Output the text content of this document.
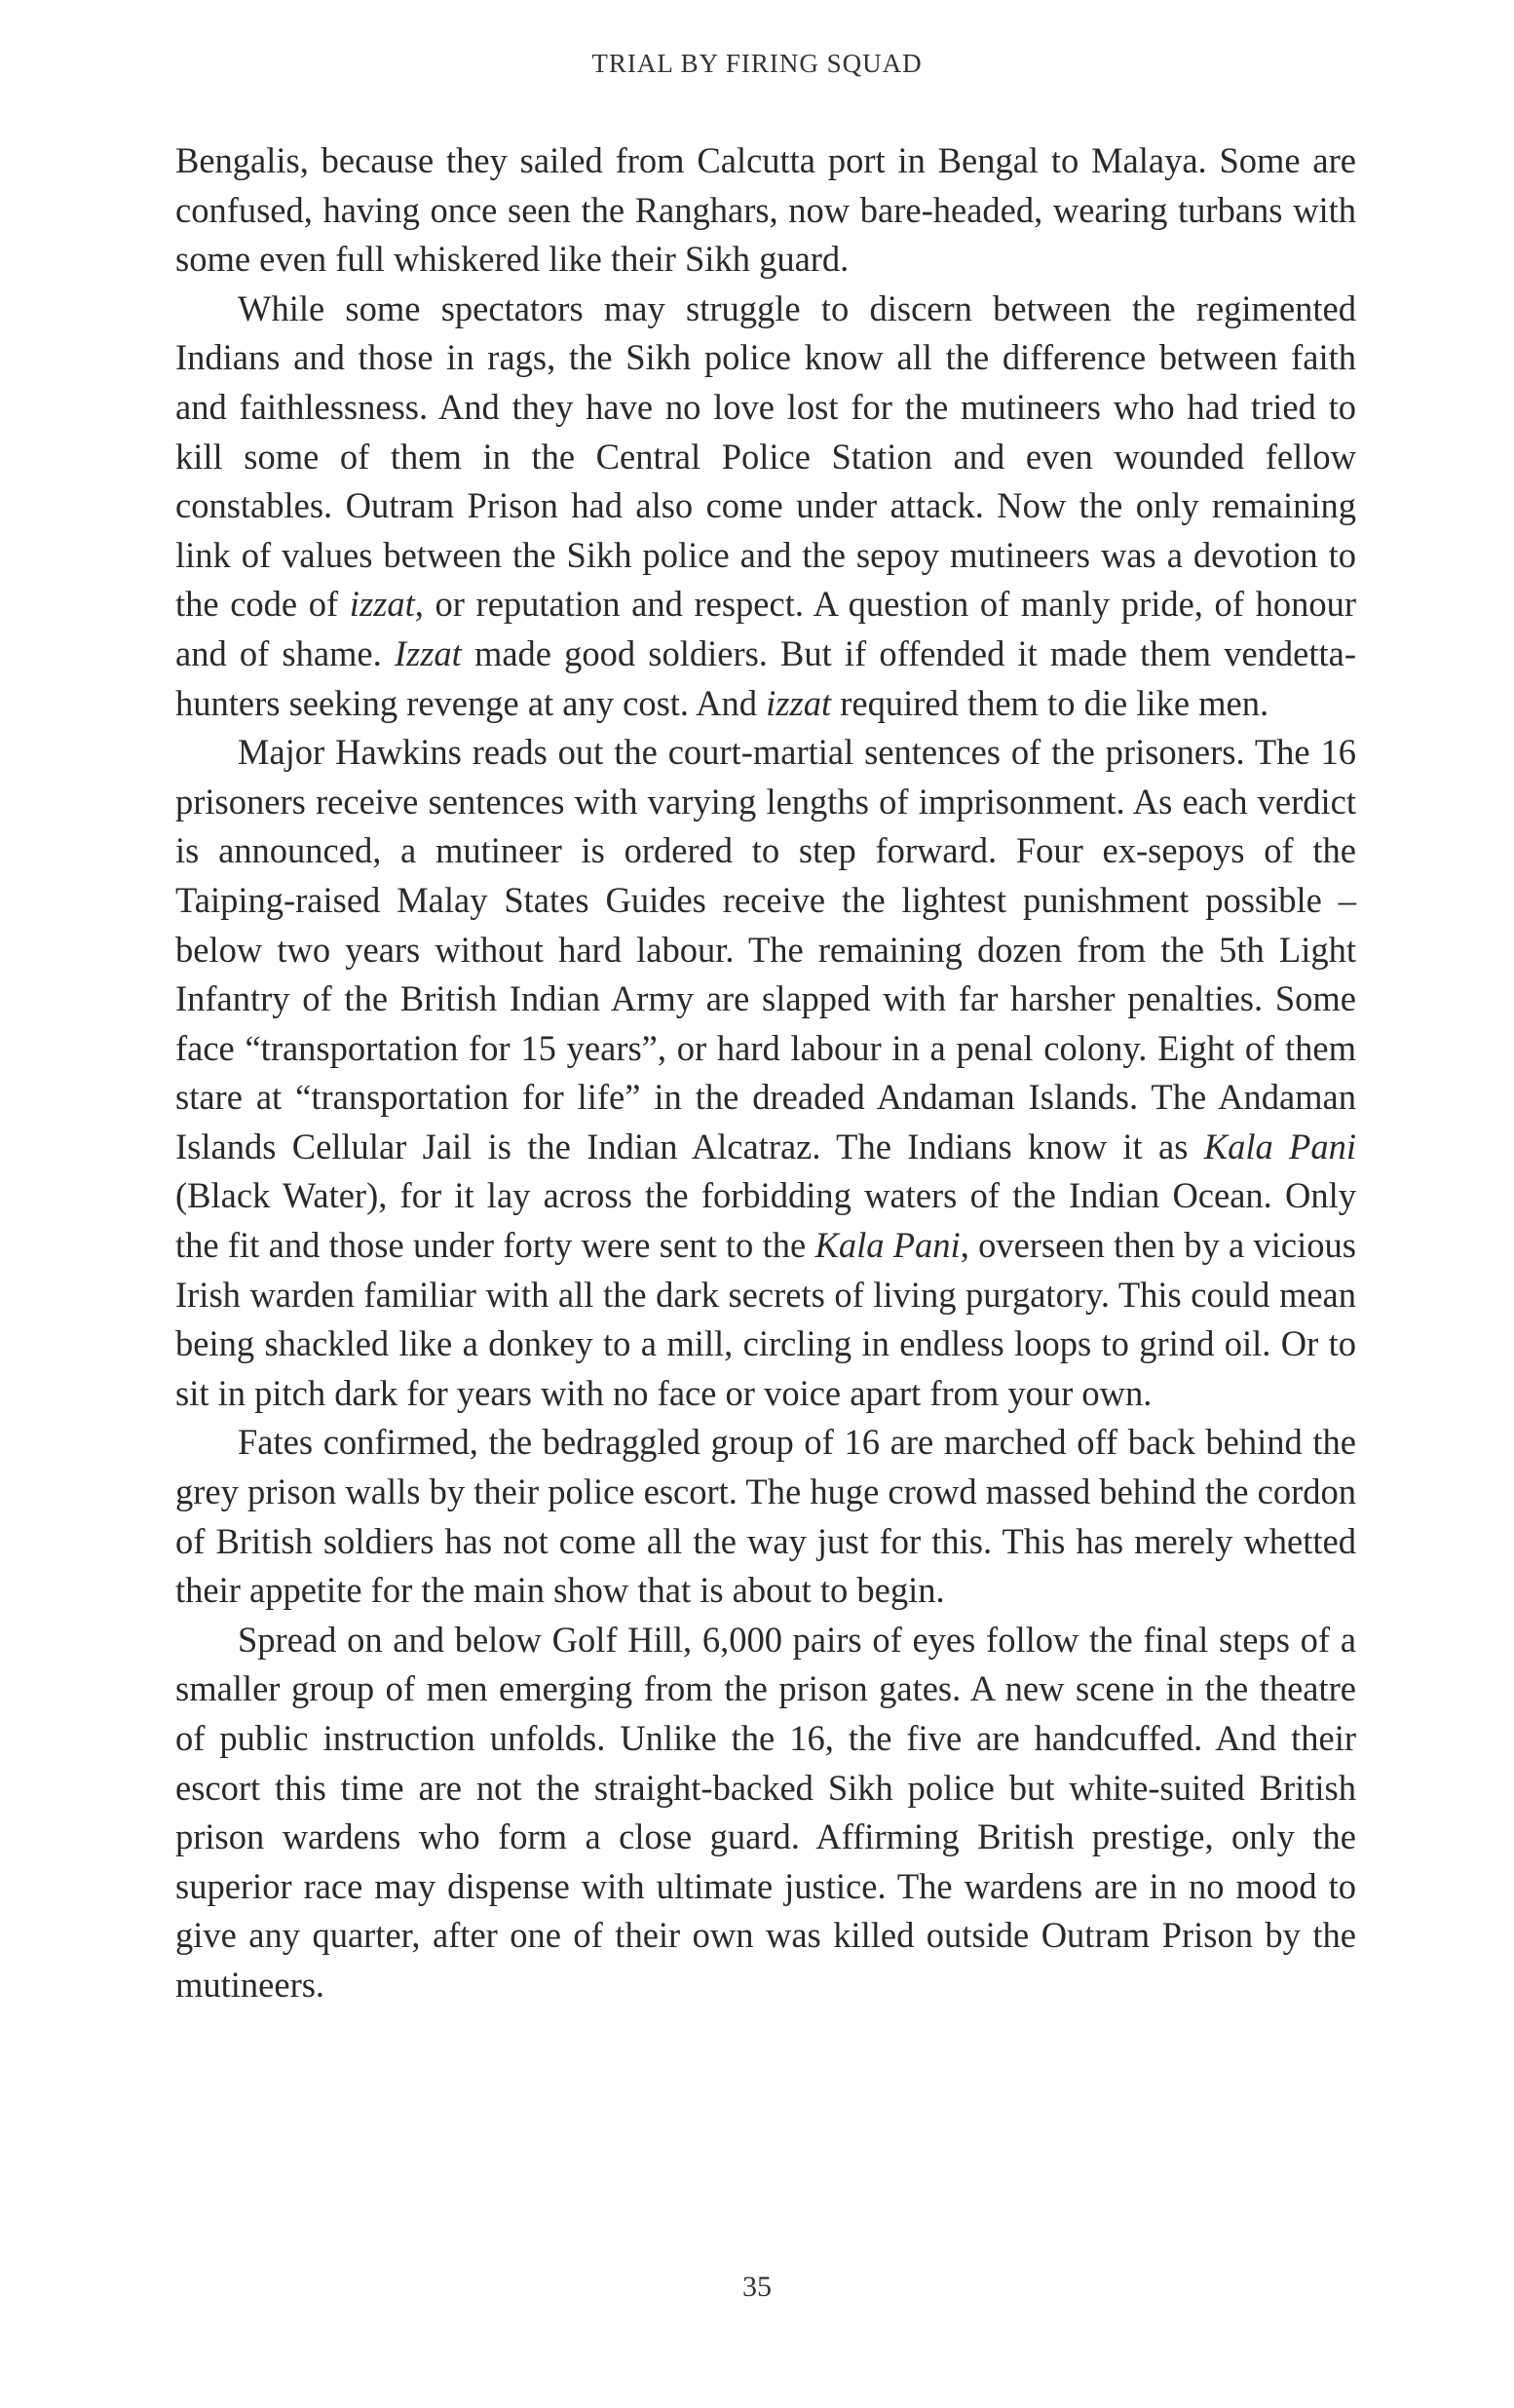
TRIAL BY FIRING SQUAD

Bengalis, because they sailed from Calcutta port in Bengal to Malaya. Some are confused, having once seen the Ranghars, now bare-headed, wearing turbans with some even full whiskered like their Sikh guard.

While some spectators may struggle to discern between the regimented Indians and those in rags, the Sikh police know all the difference between faith and faithlessness. And they have no love lost for the mutineers who had tried to kill some of them in the Central Police Station and even wounded fellow constables. Outram Prison had also come under attack. Now the only remaining link of values between the Sikh police and the sepoy mutineers was a devotion to the code of izzat, or reputation and respect. A question of manly pride, of honour and of shame. Izzat made good soldiers. But if offended it made them vendetta-hunters seeking revenge at any cost. And izzat required them to die like men.

Major Hawkins reads out the court-martial sentences of the prisoners. The 16 prisoners receive sentences with varying lengths of imprisonment. As each verdict is announced, a mutineer is ordered to step forward. Four ex-sepoys of the Taiping-raised Malay States Guides receive the lightest punishment possible – below two years without hard labour. The remaining dozen from the 5th Light Infantry of the British Indian Army are slapped with far harsher penalties. Some face “transportation for 15 years”, or hard labour in a penal colony. Eight of them stare at “transportation for life” in the dreaded Andaman Islands. The Andaman Islands Cellular Jail is the Indian Alcatraz. The Indians know it as Kala Pani (Black Water), for it lay across the forbidding waters of the Indian Ocean. Only the fit and those under forty were sent to the Kala Pani, overseen then by a vicious Irish warden familiar with all the dark secrets of living purgatory. This could mean being shackled like a donkey to a mill, circling in endless loops to grind oil. Or to sit in pitch dark for years with no face or voice apart from your own.

Fates confirmed, the bedraggled group of 16 are marched off back behind the grey prison walls by their police escort. The huge crowd massed behind the cordon of British soldiers has not come all the way just for this. This has merely whetted their appetite for the main show that is about to begin.

Spread on and below Golf Hill, 6,000 pairs of eyes follow the final steps of a smaller group of men emerging from the prison gates. A new scene in the theatre of public instruction unfolds. Unlike the 16, the five are handcuffed. And their escort this time are not the straight-backed Sikh police but white-suited British prison wardens who form a close guard. Affirming British prestige, only the superior race may dispense with ultimate justice. The wardens are in no mood to give any quarter, after one of their own was killed outside Outram Prison by the mutineers.

35
